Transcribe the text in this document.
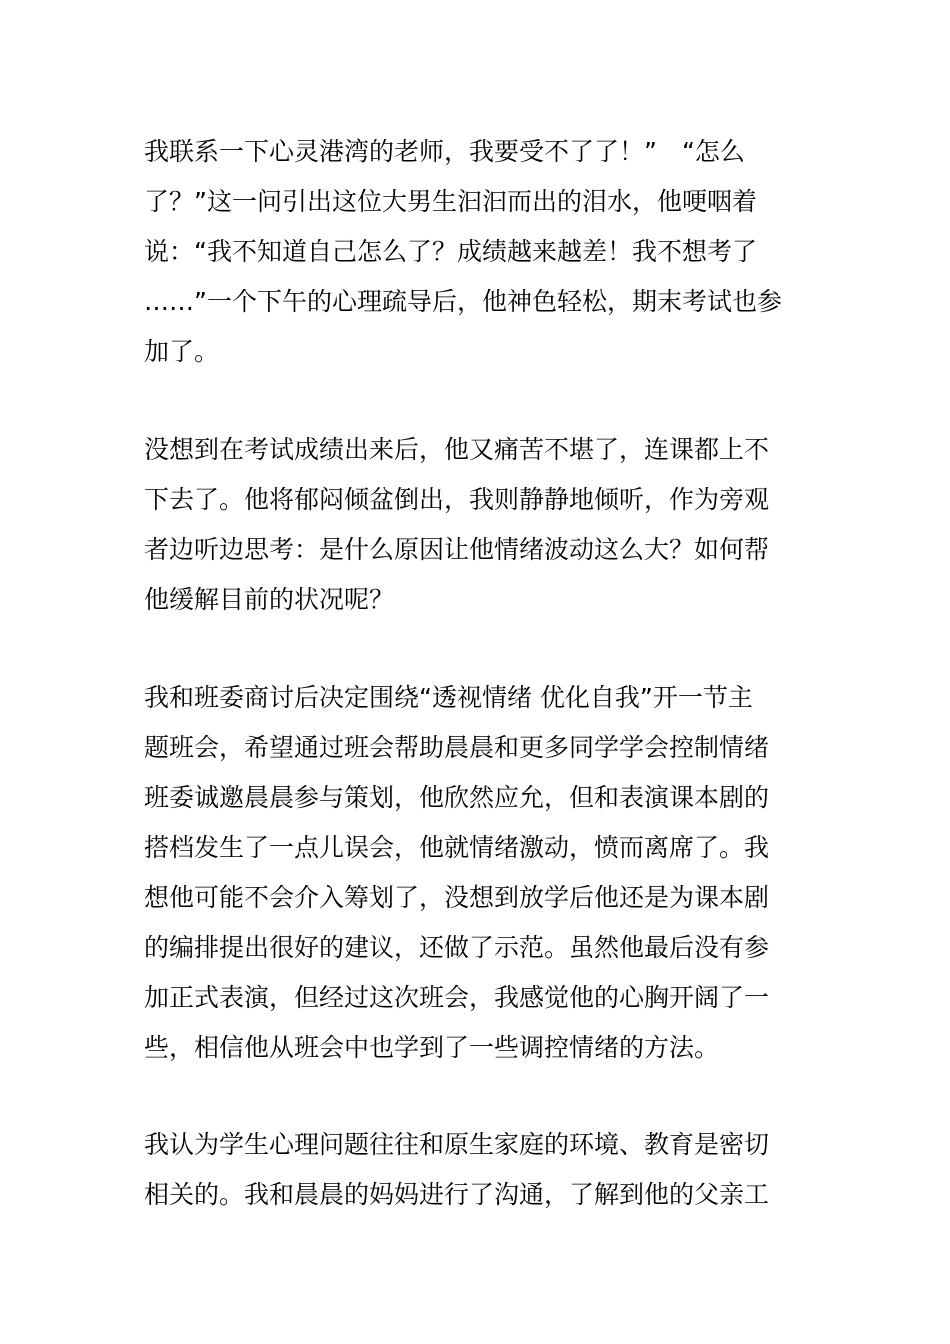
我联系一下心灵港湾的老师，我要受不了了！”　“怎么
了？”这一问引出这位大男生汩汩而出的泪水，他哽咽着
说：“我不知道自己怎么了？成绩越来越差！我不想考了
……”一个下午的心理疏导后，他神色轻松，期末考试也参
加了。
没想到在考试成绩出来后，他又痛苦不堪了，连课都上不
下去了。他将郁闷倾盆倒出，我则静静地倾听，作为旁观
者边听边思考：是什么原因让他情绪波动这么大？如何帮
他缓解目前的状况呢？
我和班委商讨后决定围绕“透视情绪 优化自我”开一节主
题班会，希望通过班会帮助晨晨和更多同学学会控制情绪
班委诚邀晨晨参与策划，他欣然应允，但和表演课本剧的
搭档发生了一点儿误会，他就情绪激动，愤而离席了。我
想他可能不会介入筹划了，没想到放学后他还是为课本剧
的编排提出很好的建议，还做了示范。虽然他最后没有参
加正式表演，但经过这次班会，我感觉他的心胸开阔了一
些，相信他从班会中也学到了一些调控情绪的方法。
我认为学生心理问题往往和原生家庭的环境、教育是密切
相关的。我和晨晨的妈妈进行了沟通，了解到他的父亲工
